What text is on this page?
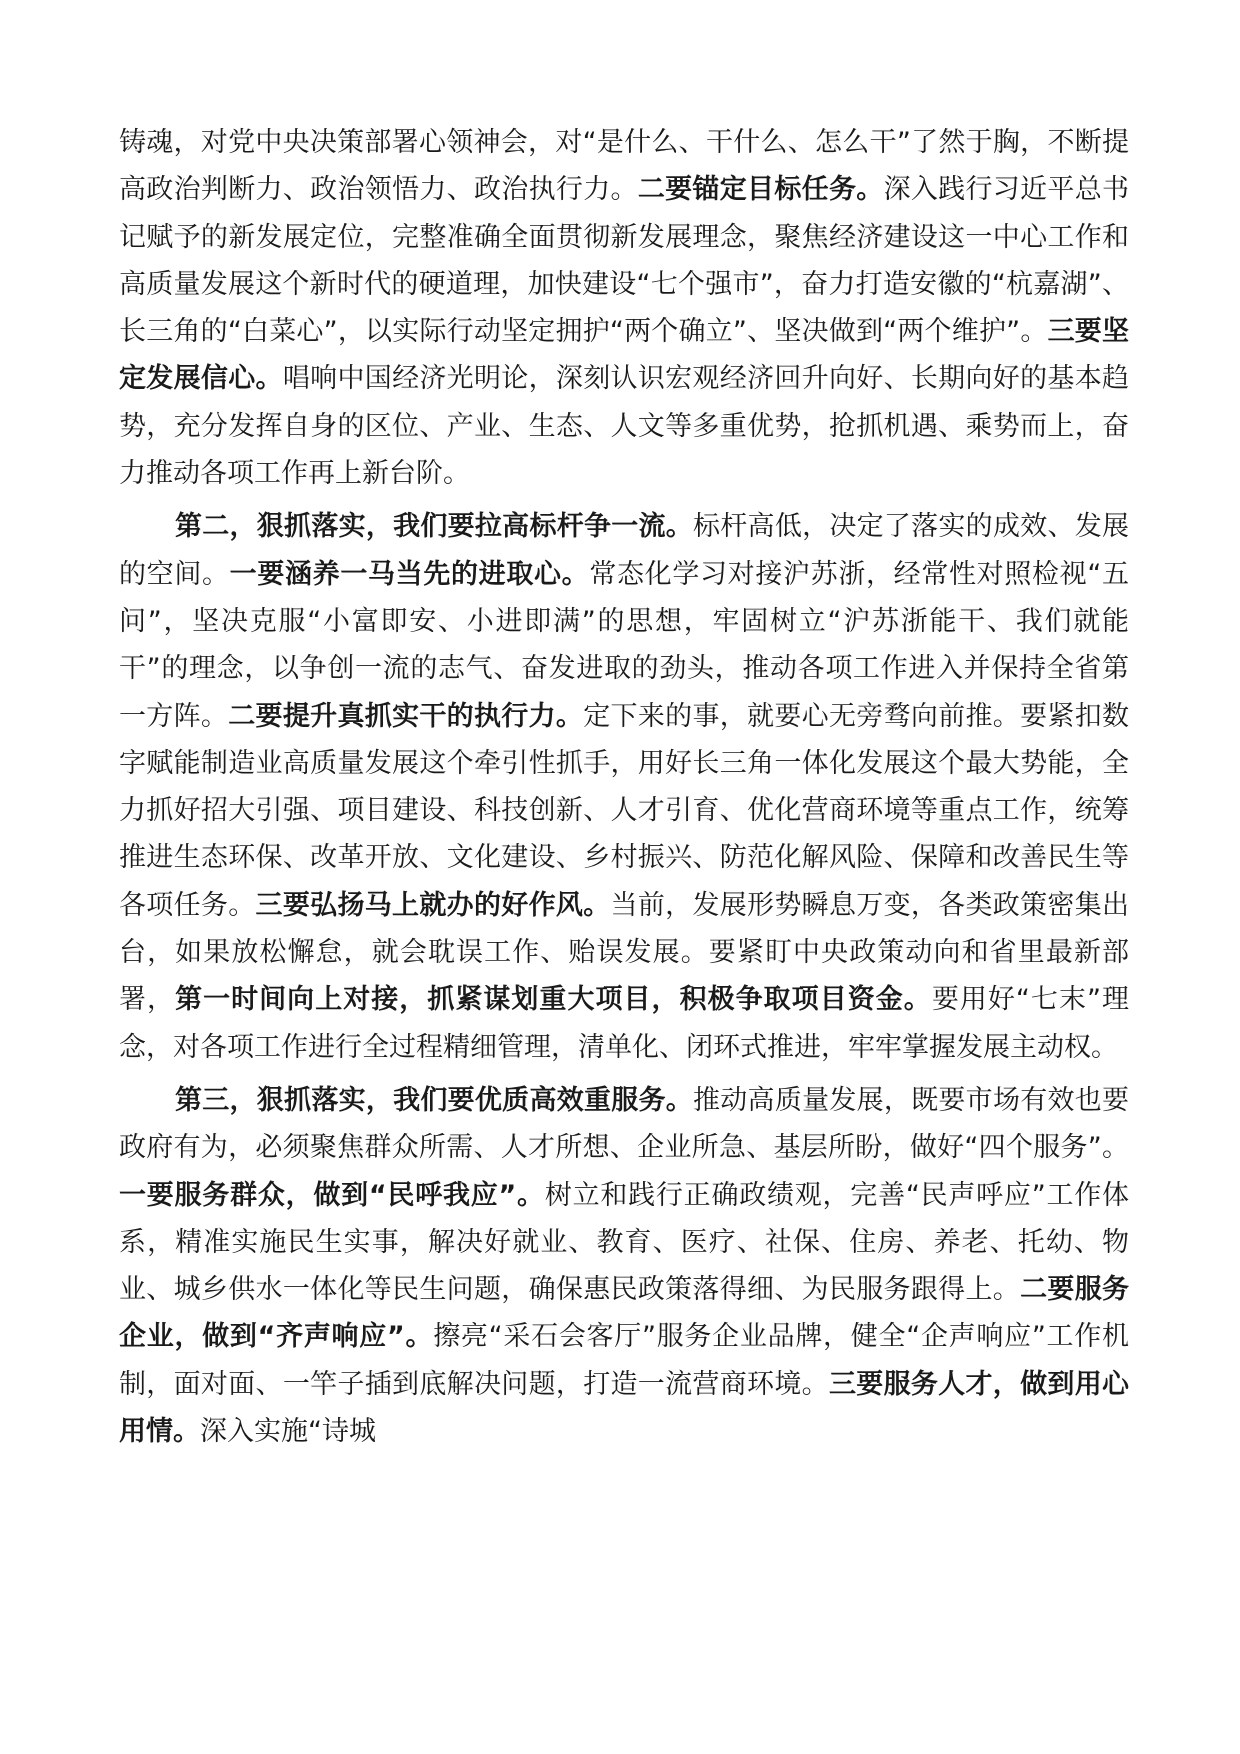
铸魂，对党中央决策部署心领神会，对“是什么、干什么、怎么干”了然于胸，不断提高政治判断力、政治领悟力、政治执行力。二要锚定目标任务。深入践行习近平总书记赋予的新发展定位，完整准确全面贯彻新发展理念，聚焦经济建设这一中心工作和高质量发展这个新时代的硬道理，加快建设“七个强市”，奋力打造安徽的“杭嘉湖”、长三角的“白菜心”，以实际行动坚定拥护“两个确立”、坚决做到“两个维护”。三要坚定发展信心。唱响中国经济光明论，深刻认识宏观经济回升向好、长期向好的基本趋势，充分发挥自身的区位、产业、生态、人文等多重优势，抢抓机遇、乘势而上，奋力推动各项工作再上新台阶。

第二，狠抓落实，我们要拉高标杆争一流。标杆高低，决定了落实的成效、发展的空间。一要涵养一马当先的进取心。常态化学习对接沪苏浙，经常性对照检视“五问”，坚决克服“小富即安、小进即满”的思想，牢固树立“沪苏浙能干、我们就能干”的理念，以争创一流的志气、奋发进取的劲头，推动各项工作进入并保持全省第一方阵。二要提升真抓实干的执行力。定下来的事，就要心无旁骛向前推。要紧扣数字赋能制造业高质量发展这个牵引性抓手，用好长三角一体化发展这个最大势能，全力抓好招大引强、项目建设、科技创新、人才引育、优化营商环境等重点工作，统筹推进生态环保、改革开放、文化建设、乡村振兴、防范化解风险、保障和改善民生等各项任务。三要弘扬马上就办的好作风。当前，发展形势瞬息万变，各类政策密集出台，如果放松懈怠，就会耽误工作、贻误发展。要紧盯中央政策动向和省里最新部署，第一时间向上对接，抓紧谋划重大项目，积极争取项目资金。要用好“七末”理念，对各项工作进行全过程精细管理，清单化、闭环式推进，牢牢掌握发展主动权。

第三，狠抓落实，我们要优质高效重服务。推动高质量发展，既要市场有效也要政府有为，必须聚焦群众所需、人才所想、企业所急、基层所盼，做好“四个服务”。一要服务群众，做到“民呼我应”。树立和践行正确政绩观，完善“民声呼应”工作体系，精准实施民生实事，解决好就业、教育、医疗、社保、住房、养老、托幼、物业、城乡供水一体化等民生问题，确保惠民政策落得细、为民服务跟得上。二要服务企业，做到“齐声响应”。擦亮“采石会客厅”服务企业品牌，健全“企声响应”工作机制，面对面、一竿子插到底解决问题，打造一流营商环境。三要服务人才，做到用心用情。深入实施“诗城
